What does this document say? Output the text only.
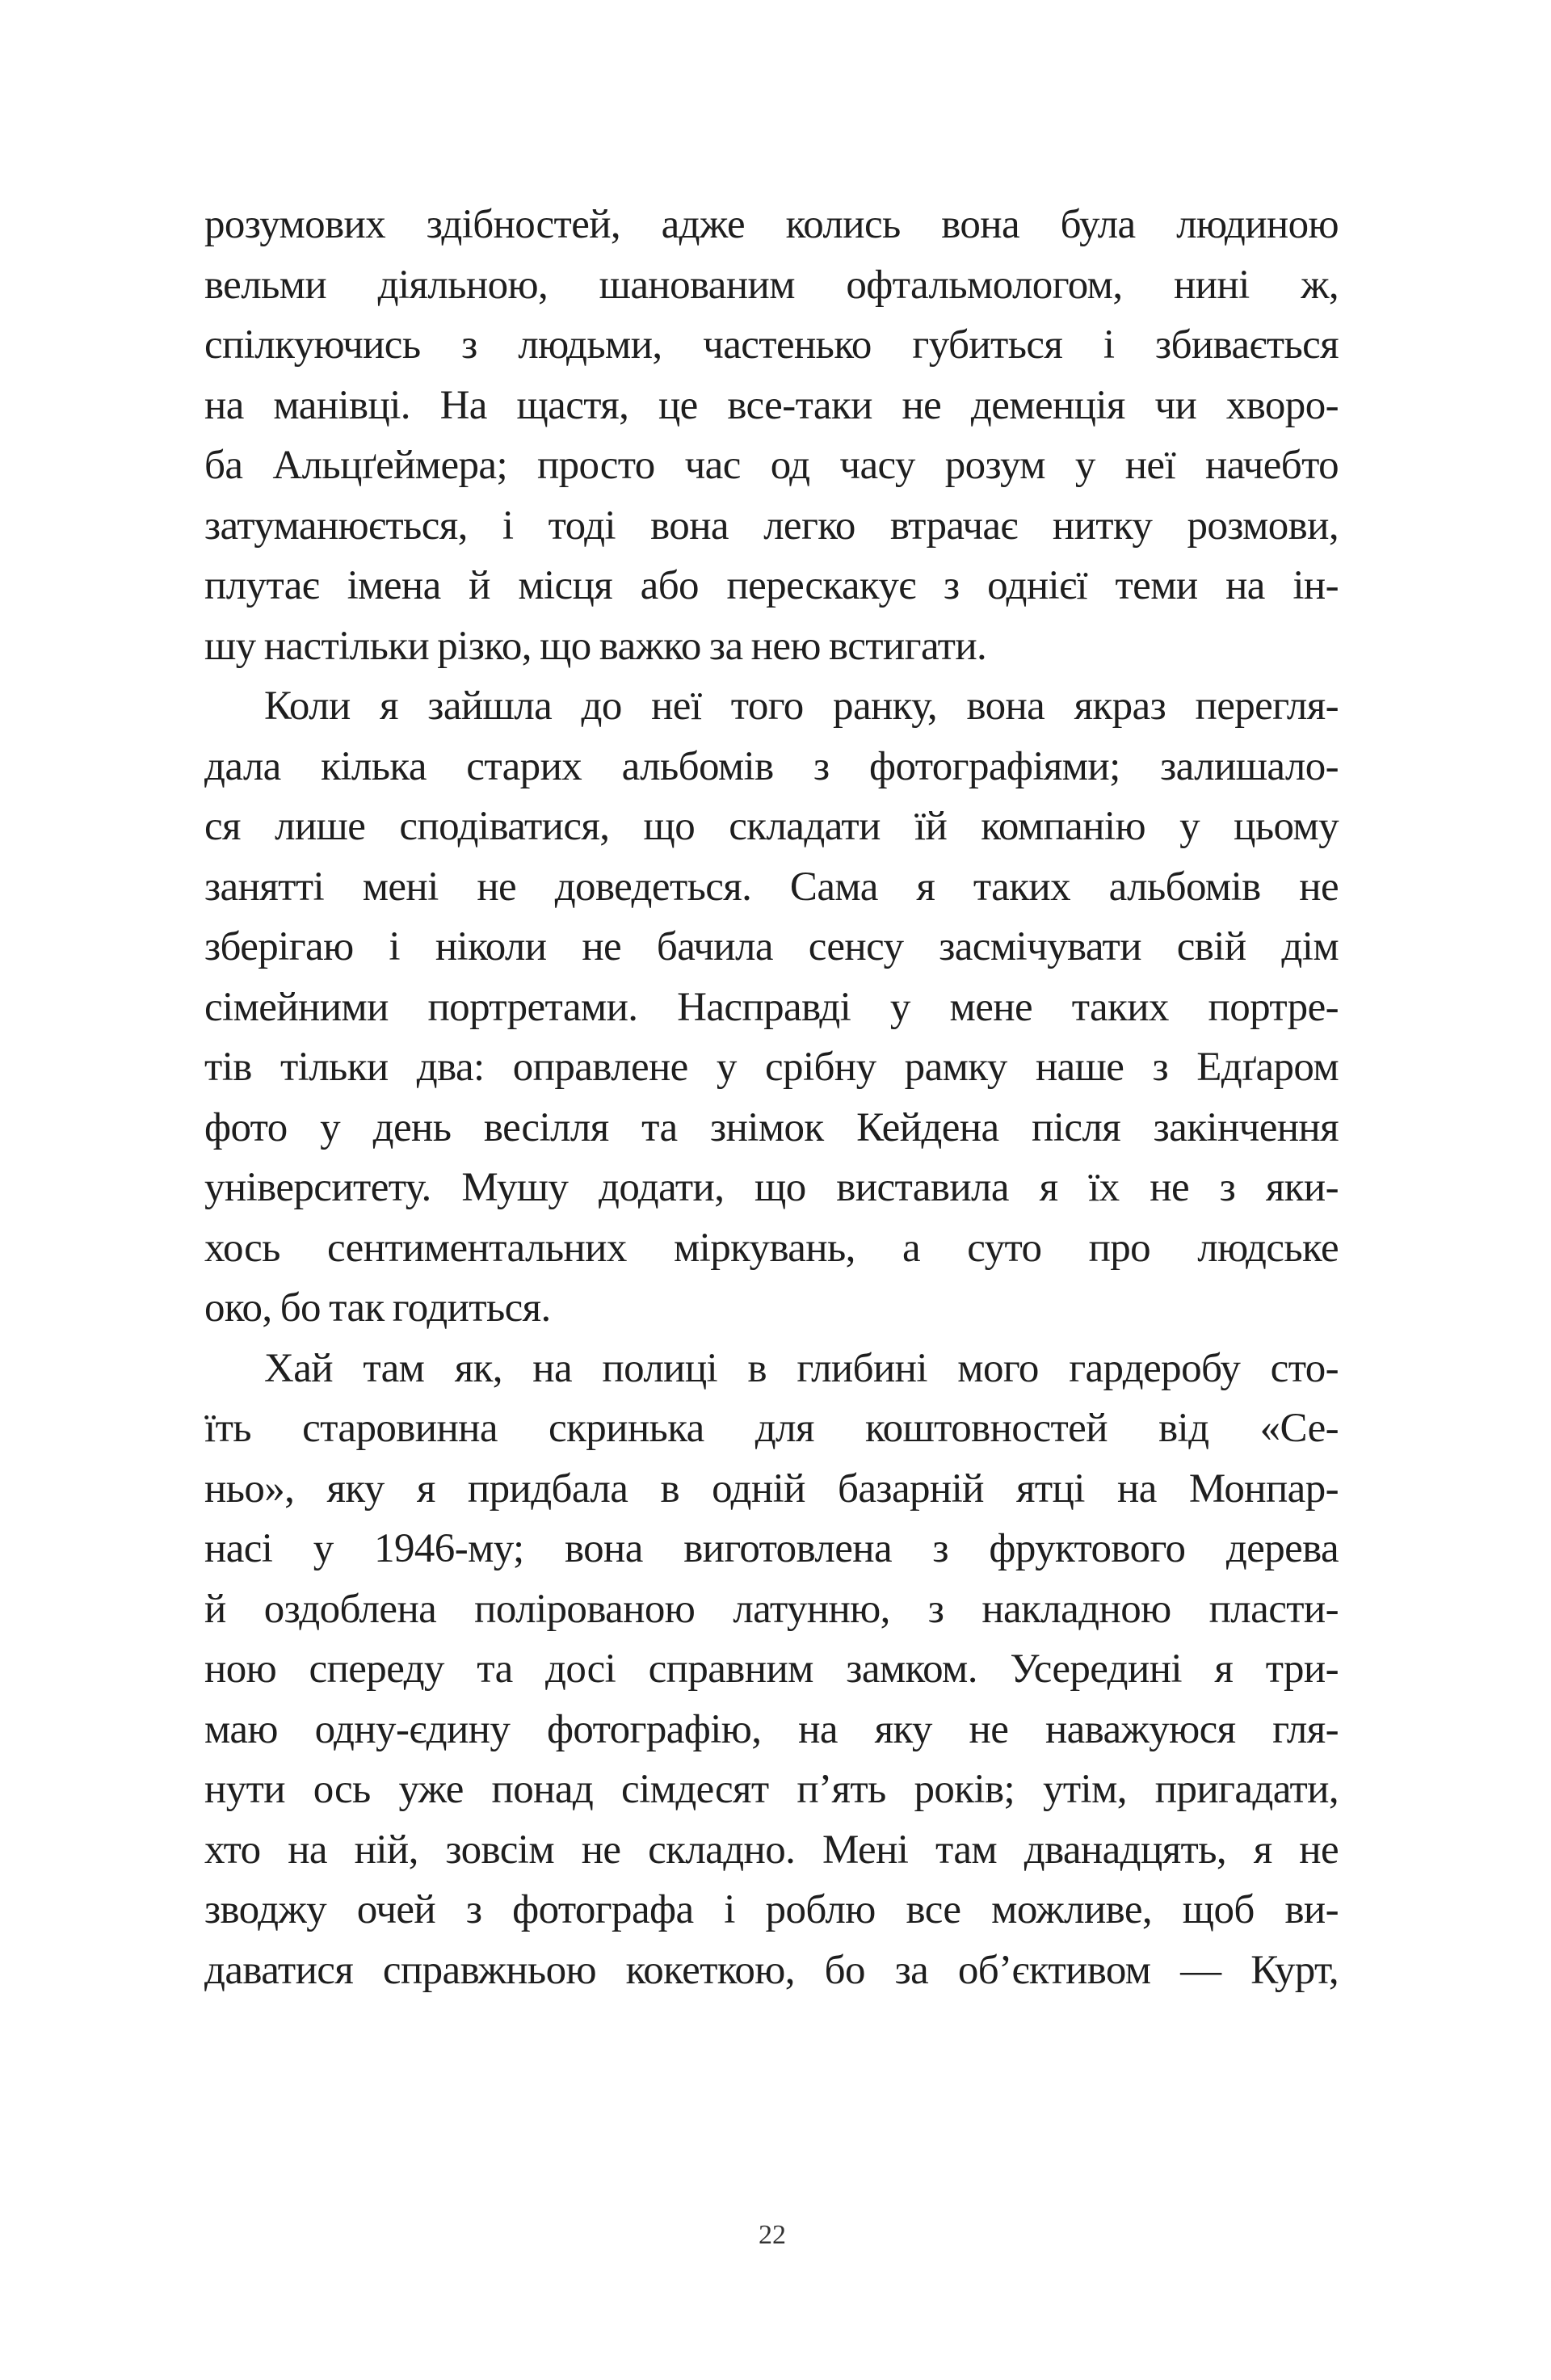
розумових здібностей, адже колись вона була людиною
вельми діяльною, шанованим офтальмологом, нині ж,
спілкуючись з людьми, частенько губиться і збивається
на манівці. На щастя, це все-таки не деменція чи хворо-
ба Альцґеймера; просто час од часу розум у неї начебто
затуманюється, і тоді вона легко втрачає нитку розмови,
плутає імена й місця або перескакує з однієї теми на ін-
шу настільки різко, що важко за нею встигати.
Коли я зайшла до неї того ранку, вона якраз перегля-
дала кілька старих альбомів з фотографіями; залишало-
ся лише сподіватися, що складати їй компанію у цьому
занятті мені не доведеться. Сама я таких альбомів не
зберігаю і ніколи не бачила сенсу засмічувати свій дім
сімейними портретами. Насправді у мене таких портре-
тів тільки два: оправлене у срібну рамку наше з Едґаром
фото у день весілля та знімок Кейдена після закінчення
університету. Мушу додати, що виставила я їх не з яки-
хось сентиментальних міркувань, а суто про людське
око, бо так годиться.
Хай там як, на полиці в глибині мого гардеробу сто-
їть старовинна скринька для коштовностей від «Се-
ньо», яку я придбала в одній базарній ятці на Монпар-
насі у 1946-му; вона виготовлена з фруктового дерева
й оздоблена полірованою латунню, з накладною пласти-
ною спереду та досі справним замком. Усередині я три-
маю одну-єдину фотографію, на яку не наважуюся гля-
нути ось уже понад сімдесят п’ять років; утім, пригадати,
хто на ній, зовсім не складно. Мені там дванадцять, я не
зводжу очей з фотографа і роблю все можливе, щоб ви-
даватися справжньою кокеткою, бо за об’єктивом — Курт,
22
